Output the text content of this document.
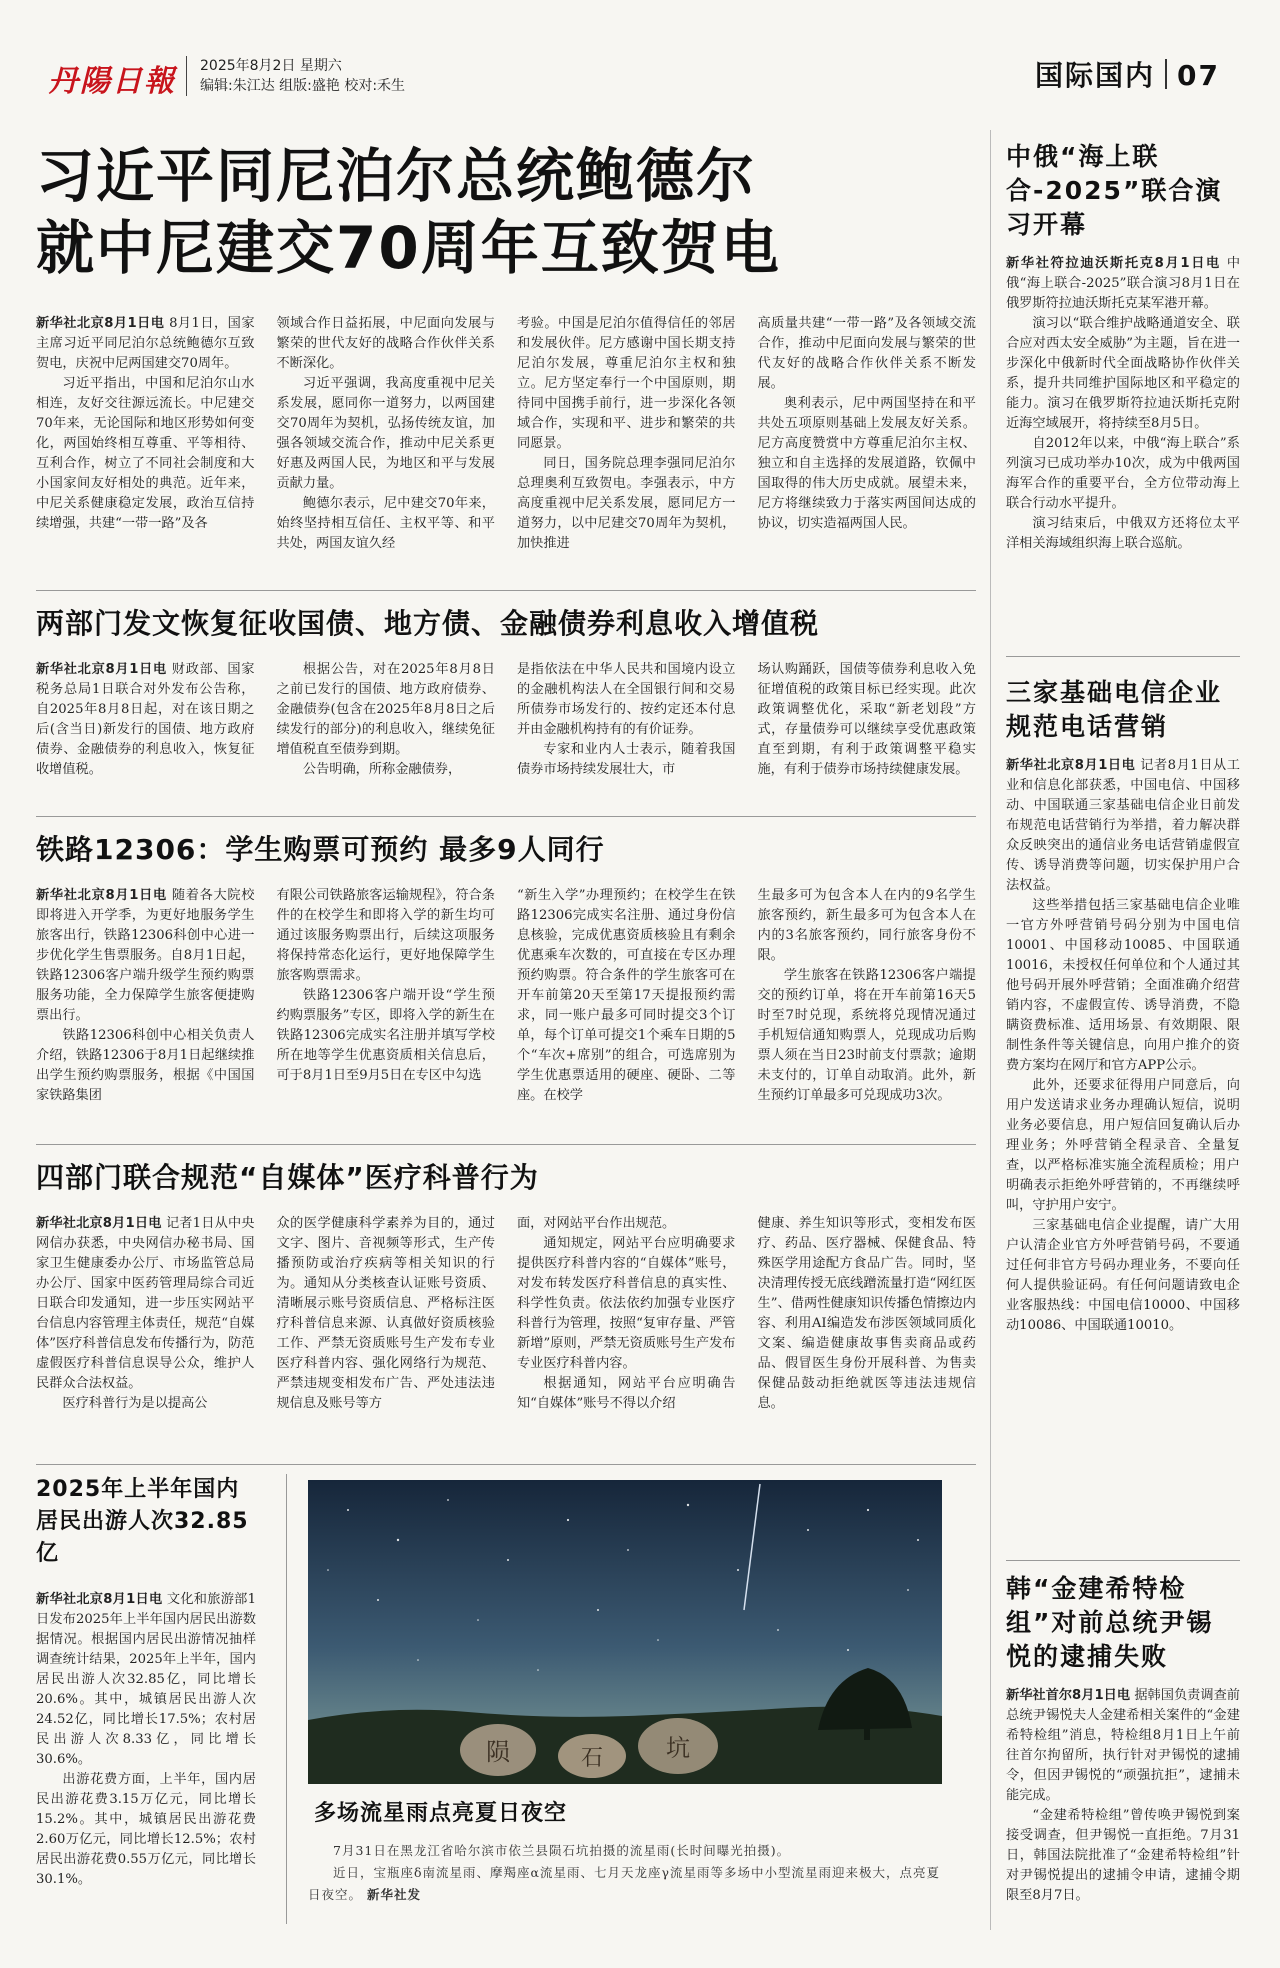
丹陽日報 2025年8月2日 星期六
编辑:朱江达 组版:盛艳 校对:禾生	国际国内 07
习近平同尼泊尔总统鲍德尔
就中尼建交70周年互致贺电

新华社北京8月1日电 8月1日，国家主席习近平同尼泊尔总统鲍德尔互致贺电，庆祝中尼两国建交70周年。

习近平指出，中国和尼泊尔山水相连，友好交往源远流长。中尼建交70年来，无论国际和地区形势如何变化，两国始终相互尊重、平等相待、互利合作，树立了不同社会制度和大小国家间友好相处的典范。近年来，中尼关系健康稳定发展，政治互信持续增强，共建“一带一路”及各

领域合作日益拓展，中尼面向发展与繁荣的世代友好的战略合作伙伴关系不断深化。

习近平强调，我高度重视中尼关系发展，愿同你一道努力，以两国建交70周年为契机，弘扬传统友谊，加强各领域交流合作，推动中尼关系更好惠及两国人民，为地区和平与发展贡献力量。

鲍德尔表示，尼中建交70年来，始终坚持相互信任、主权平等、和平共处，两国友谊久经

考验。中国是尼泊尔值得信任的邻居和发展伙伴。尼方感谢中国长期支持尼泊尔发展，尊重尼泊尔主权和独立。尼方坚定奉行一个中国原则，期待同中国携手前行，进一步深化各领域合作，实现和平、进步和繁荣的共同愿景。

同日，国务院总理李强同尼泊尔总理奥利互致贺电。李强表示，中方高度重视中尼关系发展，愿同尼方一道努力，以中尼建交70周年为契机，加快推进

高质量共建“一带一路”及各领域交流合作，推动中尼面向发展与繁荣的世代友好的战略合作伙伴关系不断发展。

奥利表示，尼中两国坚持在和平共处五项原则基础上发展友好关系。尼方高度赞赏中方尊重尼泊尔主权、独立和自主选择的发展道路，钦佩中国取得的伟大历史成就。展望未来，尼方将继续致力于落实两国间达成的协议，切实造福两国人民。

两部门发文恢复征收国债、地方债、金融债券利息收入增值税

新华社北京8月1日电 财政部、国家税务总局1日联合对外发布公告称，自2025年8月8日起，对在该日期之后(含当日)新发行的国债、地方政府债券、金融债券的利息收入，恢复征收增值税。

根据公告，对在2025年8月8日之前已发行的国债、地方政府债券、金融债券(包含在2025年8月8日之后续发行的部分)的利息收入，继续免征增值税直至债券到期。

公告明确，所称金融债券，

是指依法在中华人民共和国境内设立的金融机构法人在全国银行间和交易所债券市场发行的、按约定还本付息并由金融机构持有的有价证券。

专家和业内人士表示，随着我国债券市场持续发展壮大，市

场认购踊跃，国债等债券利息收入免征增值税的政策目标已经实现。此次政策调整优化，采取“新老划段”方式，存量债券可以继续享受优惠政策直至到期，有利于政策调整平稳实施，有利于债券市场持续健康发展。

铁路12306：学生购票可预约 最多9人同行

新华社北京8月1日电 随着各大院校即将进入开学季，为更好地服务学生旅客出行，铁路12306科创中心进一步优化学生售票服务。自8月1日起，铁路12306客户端升级学生预约购票服务功能，全力保障学生旅客便捷购票出行。

铁路12306科创中心相关负责人介绍，铁路12306于8月1日起继续推出学生预约购票服务，根据《中国国家铁路集团

有限公司铁路旅客运输规程》，符合条件的在校学生和即将入学的新生均可通过该服务购票出行，后续这项服务将保持常态化运行，更好地保障学生旅客购票需求。

铁路12306客户端开设“学生预约购票服务”专区，即将入学的新生在铁路12306完成实名注册并填写学校所在地等学生优惠资质相关信息后，可于8月1日至9月5日在专区中勾选

“新生入学”办理预约；在校学生在铁路12306完成实名注册、通过身份信息核验，完成优惠资质核验且有剩余优惠乘车次数的，可直接在专区办理预约购票。符合条件的学生旅客可在开车前第20天至第17天提报预约需求，同一账户最多可同时提交3个订单，每个订单可提交1个乘车日期的5个“车次+席别”的组合，可选席别为学生优惠票适用的硬座、硬卧、二等座。在校学

生最多可为包含本人在内的9名学生旅客预约，新生最多可为包含本人在内的3名旅客预约，同行旅客身份不限。

学生旅客在铁路12306客户端提交的预约订单，将在开车前第16天5时至7时兑现，系统将兑现情况通过手机短信通知购票人，兑现成功后购票人须在当日23时前支付票款；逾期未支付的，订单自动取消。此外，新生预约订单最多可兑现成功3次。

四部门联合规范“自媒体”医疗科普行为

新华社北京8月1日电 记者1日从中央网信办获悉，中央网信办秘书局、国家卫生健康委办公厅、市场监管总局办公厅、国家中医药管理局综合司近日联合印发通知，进一步压实网站平台信息内容管理主体责任，规范“自媒体”医疗科普信息发布传播行为，防范虚假医疗科普信息误导公众，维护人民群众合法权益。

医疗科普行为是以提高公

众的医学健康科学素养为目的，通过文字、图片、音视频等形式，生产传播预防或治疗疾病等相关知识的行为。通知从分类核查认证账号资质、清晰展示账号资质信息、严格标注医疗科普信息来源、认真做好资质核验工作、严禁无资质账号生产发布专业医疗科普内容、强化网络行为规范、严禁违规变相发布广告、严处违法违规信息及账号等方

面，对网站平台作出规范。

通知规定，网站平台应明确要求提供医疗科普内容的“自媒体”账号，对发布转发医疗科普信息的真实性、科学性负责。依法依约加强专业医疗科普行为管理，按照“复审存量、严管新增”原则，严禁无资质账号生产发布专业医疗科普内容。

根据通知，网站平台应明确告知“自媒体”账号不得以介绍

健康、养生知识等形式，变相发布医疗、药品、医疗器械、保健食品、特殊医学用途配方食品广告。同时，坚决清理传授无底线蹭流量打造“网红医生”、借两性健康知识传播色情擦边内容、利用AI编造发布涉医领域同质化文案、编造健康故事售卖商品或药品、假冒医生身份开展科普、为售卖保健品鼓动拒绝就医等违法违规信息。

2025年上半年国内居民出游人次32.85亿

新华社北京8月1日电 文化和旅游部1日发布2025年上半年国内居民出游数据情况。根据国内居民出游情况抽样调查统计结果，2025年上半年，国内居民出游人次32.85亿，同比增长20.6%。其中，城镇居民出游人次24.52亿，同比增长17.5%；农村居民出游人次8.33亿，同比增长30.6%。

出游花费方面，上半年，国内居民出游花费3.15万亿元，同比增长15.2%。其中，城镇居民出游花费2.60万亿元，同比增长12.5%；农村居民出游花费0.55万亿元，同比增长30.1%。

陨	石	坑
多场流星雨点亮夏日夜空
7月31日在黑龙江省哈尔滨市依兰县陨石坑拍摄的流星雨(长时间曝光拍摄)。
近日，宝瓶座δ南流星雨、摩羯座α流星雨、七月天龙座γ流星雨等多场中小型流星雨迎来极大，点亮夏日夜空。 新华社发
中俄“海上联合-2025”联合演习开幕

新华社符拉迪沃斯托克8月1日电 中俄“海上联合-2025”联合演习8月1日在俄罗斯符拉迪沃斯托克某军港开幕。

演习以“联合维护战略通道安全、联合应对西太安全威胁”为主题，旨在进一步深化中俄新时代全面战略协作伙伴关系，提升共同维护国际地区和平稳定的能力。演习在俄罗斯符拉迪沃斯托克附近海空域展开，将持续至8月5日。

自2012年以来，中俄“海上联合”系列演习已成功举办10次，成为中俄两国海军合作的重要平台，全方位带动海上联合行动水平提升。

演习结束后，中俄双方还将位太平洋相关海域组织海上联合巡航。

三家基础电信企业规范电话营销

新华社北京8月1日电 记者8月1日从工业和信息化部获悉，中国电信、中国移动、中国联通三家基础电信企业日前发布规范电话营销行为举措，着力解决群众反映突出的通信业务电话营销虚假宣传、诱导消费等问题，切实保护用户合法权益。

这些举措包括三家基础电信企业唯一官方外呼营销号码分别为中国电信10001、中国移动10085、中国联通10016，未授权任何单位和个人通过其他号码开展外呼营销；全面准确介绍营销内容，不虚假宣传、诱导消费，不隐瞒资费标准、适用场景、有效期限、限制性条件等关键信息，向用户推介的资费方案均在网厅和官方APP公示。

此外，还要求征得用户同意后，向用户发送请求业务办理确认短信，说明业务必要信息，用户短信回复确认后办理业务；外呼营销全程录音、全量复查，以严格标准实施全流程质检；用户明确表示拒绝外呼营销的，不再继续呼叫，守护用户安宁。

三家基础电信企业提醒，请广大用户认清企业官方外呼营销号码，不要通过任何非官方号码办理业务，不要向任何人提供验证码。有任何问题请致电企业客服热线：中国电信10000、中国移动10086、中国联通10010。

韩“金建希特检组”对前总统尹锡悦的逮捕失败

新华社首尔8月1日电 据韩国负责调查前总统尹锡悦夫人金建希相关案件的“金建希特检组”消息，特检组8月1日上午前往首尔拘留所，执行针对尹锡悦的逮捕令，但因尹锡悦的“顽强抗拒”，逮捕未能完成。

“金建希特检组”曾传唤尹锡悦到案接受调查，但尹锡悦一直拒绝。7月31日，韩国法院批准了“金建希特检组”针对尹锡悦提出的逮捕令申请，逮捕令期限至8月7日。
